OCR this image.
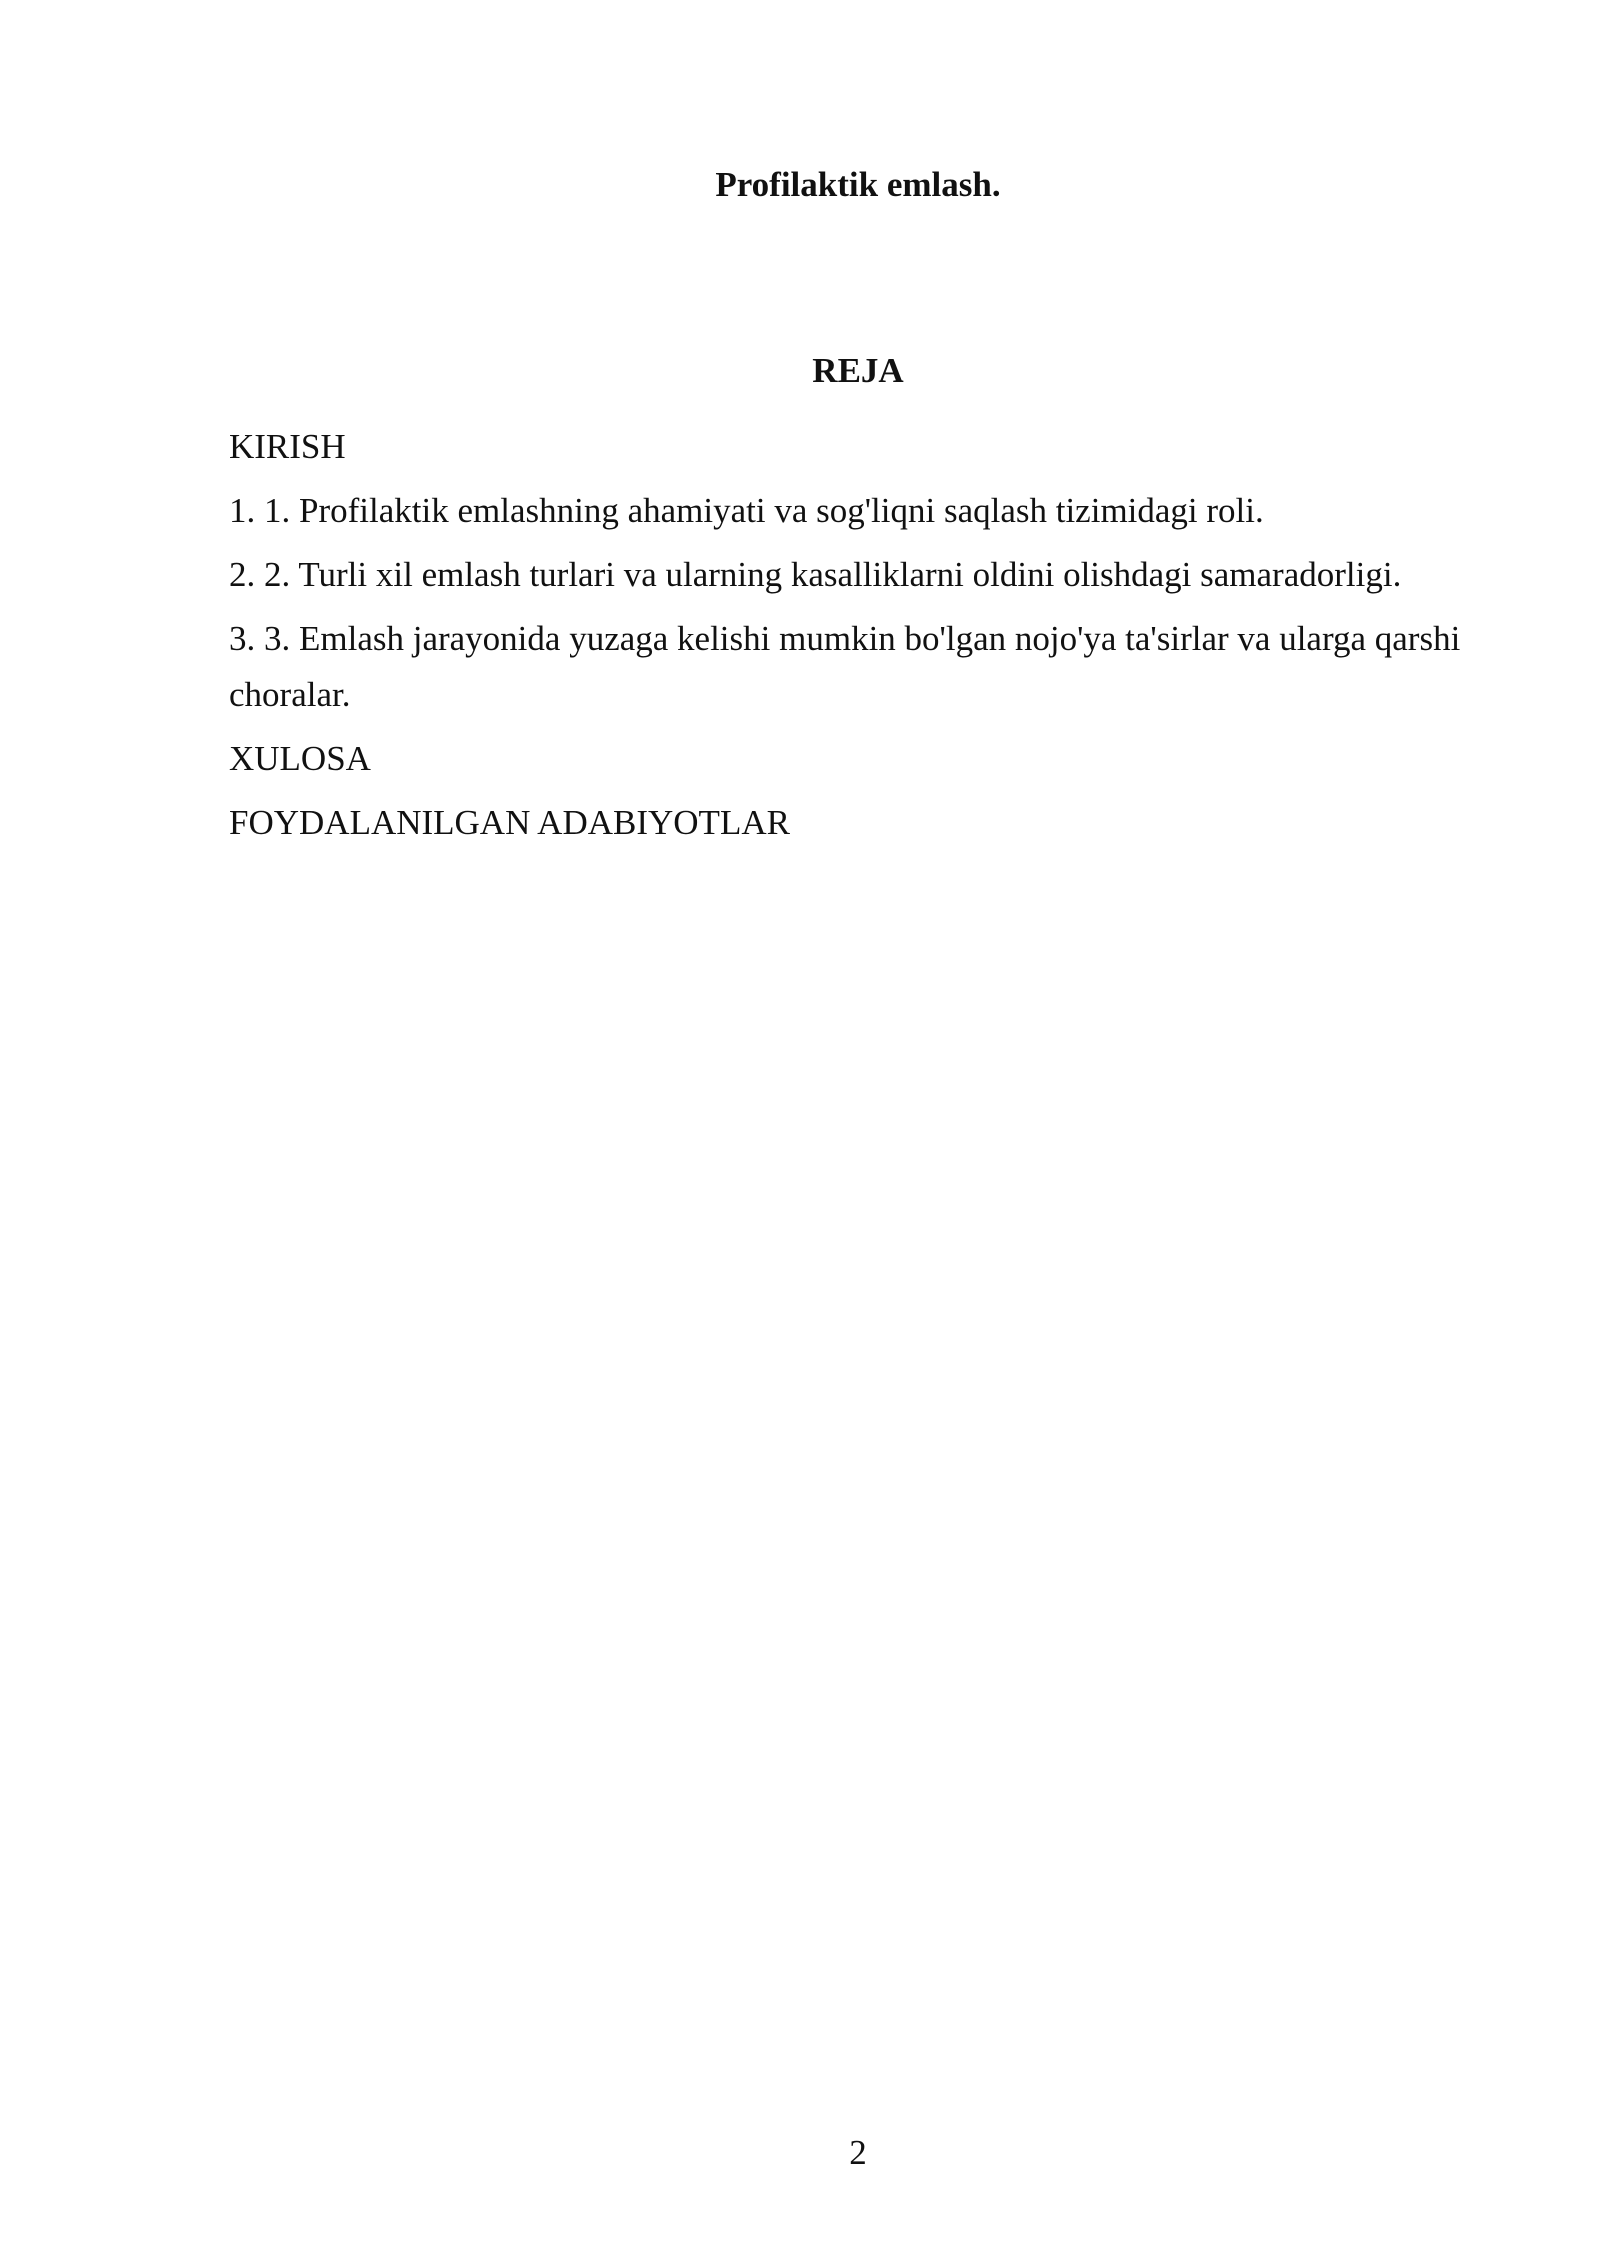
Profilaktik emlash.
REJA
KIRISH
1. 1. Profilaktik emlashning ahamiyati va sog'liqni saqlash tizimidagi roli.
2. 2. Turli xil emlash turlari va ularning kasalliklarni oldini olishdagi samaradorligi.
3. 3. Emlash jarayonida yuzaga kelishi mumkin bo'lgan nojo'ya ta'sirlar va ularga qarshi choralar.
XULOSA
FOYDALANILGAN ADABIYOTLAR
2
